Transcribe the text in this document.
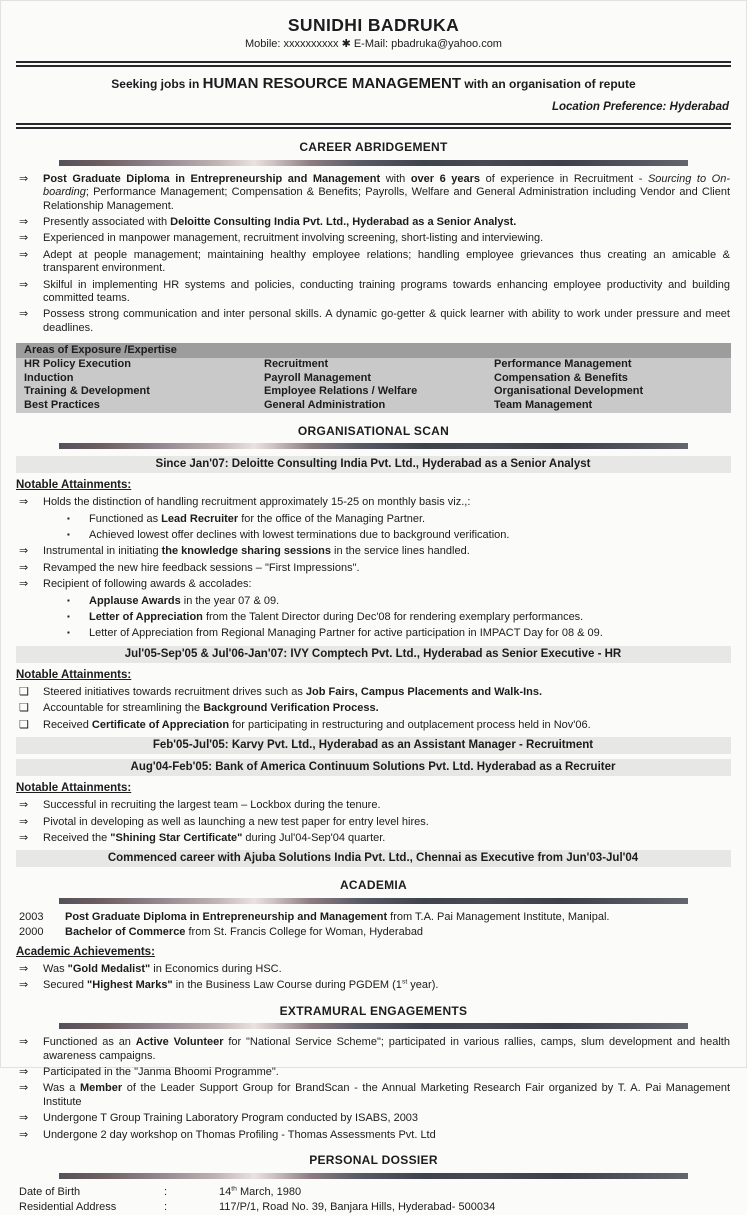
SUNIDHI BADRUKA
Mobile: xxxxxxxxxx ✱ E-Mail: pbadruka@yahoo.com
Seeking jobs in HUMAN RESOURCE MANAGEMENT with an organisation of repute
Location Preference: Hyderabad
CAREER ABRIDGEMENT
⇒	Post Graduate Diploma in Entrepreneurship and Management with over 6 years of experience in Recruitment - Sourcing to On-boarding; Performance Management; Compensation & Benefits; Payrolls, Welfare and General Administration including Vendor and Client Relationship Management.
⇒	Presently associated with Deloitte Consulting India Pvt. Ltd., Hyderabad as a Senior Analyst.
⇒	Experienced in manpower management, recruitment involving screening, short-listing and interviewing.
⇒	Adept at people management; maintaining healthy employee relations; handling employee grievances thus creating an amicable & transparent environment.
⇒	Skilful in implementing HR systems and policies, conducting training programs towards enhancing employee productivity and building committed teams.
⇒	Possess strong communication and inter personal skills. A dynamic go-getter & quick learner with ability to work under pressure and meet deadlines.
Areas of Exposure /Expertise
HR Policy Execution	Recruitment	Performance Management
Induction	Payroll Management	Compensation & Benefits
Training & Development	Employee Relations / Welfare	Organisational Development
Best Practices	General Administration	Team Management
ORGANISATIONAL SCAN
Since Jan'07: Deloitte Consulting India Pvt. Ltd., Hyderabad as a Senior Analyst
Notable Attainments:
⇒	Holds the distinction of handling recruitment approximately 15-25 on monthly basis viz.,:
▪	Functioned as Lead Recruiter for the office of the Managing Partner.
▪	Achieved lowest offer declines with lowest terminations due to background verification.
⇒	Instrumental in initiating the knowledge sharing sessions in the service lines handled.
⇒	Revamped the new hire feedback sessions – "First Impressions".
⇒	Recipient of following awards & accolades:
▪	Applause Awards in the year 07 & 09.
▪	Letter of Appreciation from the Talent Director during Dec'08 for rendering exemplary performances.
▪	Letter of Appreciation from Regional Managing Partner for active participation in IMPACT Day for 08 & 09.
Jul'05-Sep'05 & Jul'06-Jan'07: IVY Comptech Pvt. Ltd., Hyderabad as Senior Executive - HR
Notable Attainments:
❑	Steered initiatives towards recruitment drives such as Job Fairs, Campus Placements and Walk-Ins.
❑	Accountable for streamlining the Background Verification Process.
❑	Received Certificate of Appreciation for participating in restructuring and outplacement process held in Nov'06.
Feb'05-Jul'05: Karvy Pvt. Ltd., Hyderabad as an Assistant Manager - Recruitment
Aug'04-Feb'05: Bank of America Continuum Solutions Pvt. Ltd. Hyderabad as a Recruiter
Notable Attainments:
⇒	Successful in recruiting the largest team – Lockbox during the tenure.
⇒	Pivotal in developing as well as launching a new test paper for entry level hires.
⇒	Received the "Shining Star Certificate" during Jul'04-Sep'04 quarter.
Commenced career with Ajuba Solutions India Pvt. Ltd., Chennai as Executive from Jun'03-Jul'04
ACADEMIA
2003	Post Graduate Diploma in Entrepreneurship and Management from T.A. Pai Management Institute, Manipal.
2000	Bachelor of Commerce from St. Francis College for Woman, Hyderabad
Academic Achievements:
⇒	Was "Gold Medalist" in Economics during HSC.
⇒	Secured "Highest Marks" in the Business Law Course during PGDEM (1st year).
EXTRAMURAL ENGAGEMENTS
⇒	Functioned as an Active Volunteer for "National Service Scheme"; participated in various rallies, camps, slum development and health awareness campaigns.
⇒	Participated in the "Janma Bhoomi Programme".
⇒	Was a Member of the Leader Support Group for BrandScan - the Annual Marketing Research Fair organized by T. A. Pai Management Institute
⇒	Undergone T Group Training Laboratory Program conducted by ISABS, 2003
⇒	Undergone 2 day workshop on Thomas Profiling - Thomas Assessments Pvt. Ltd
PERSONAL DOSSIER
Date of Birth	:	14th March, 1980
Residential Address	:	117/P/1, Road No. 39, Banjara Hills, Hyderabad- 500034
